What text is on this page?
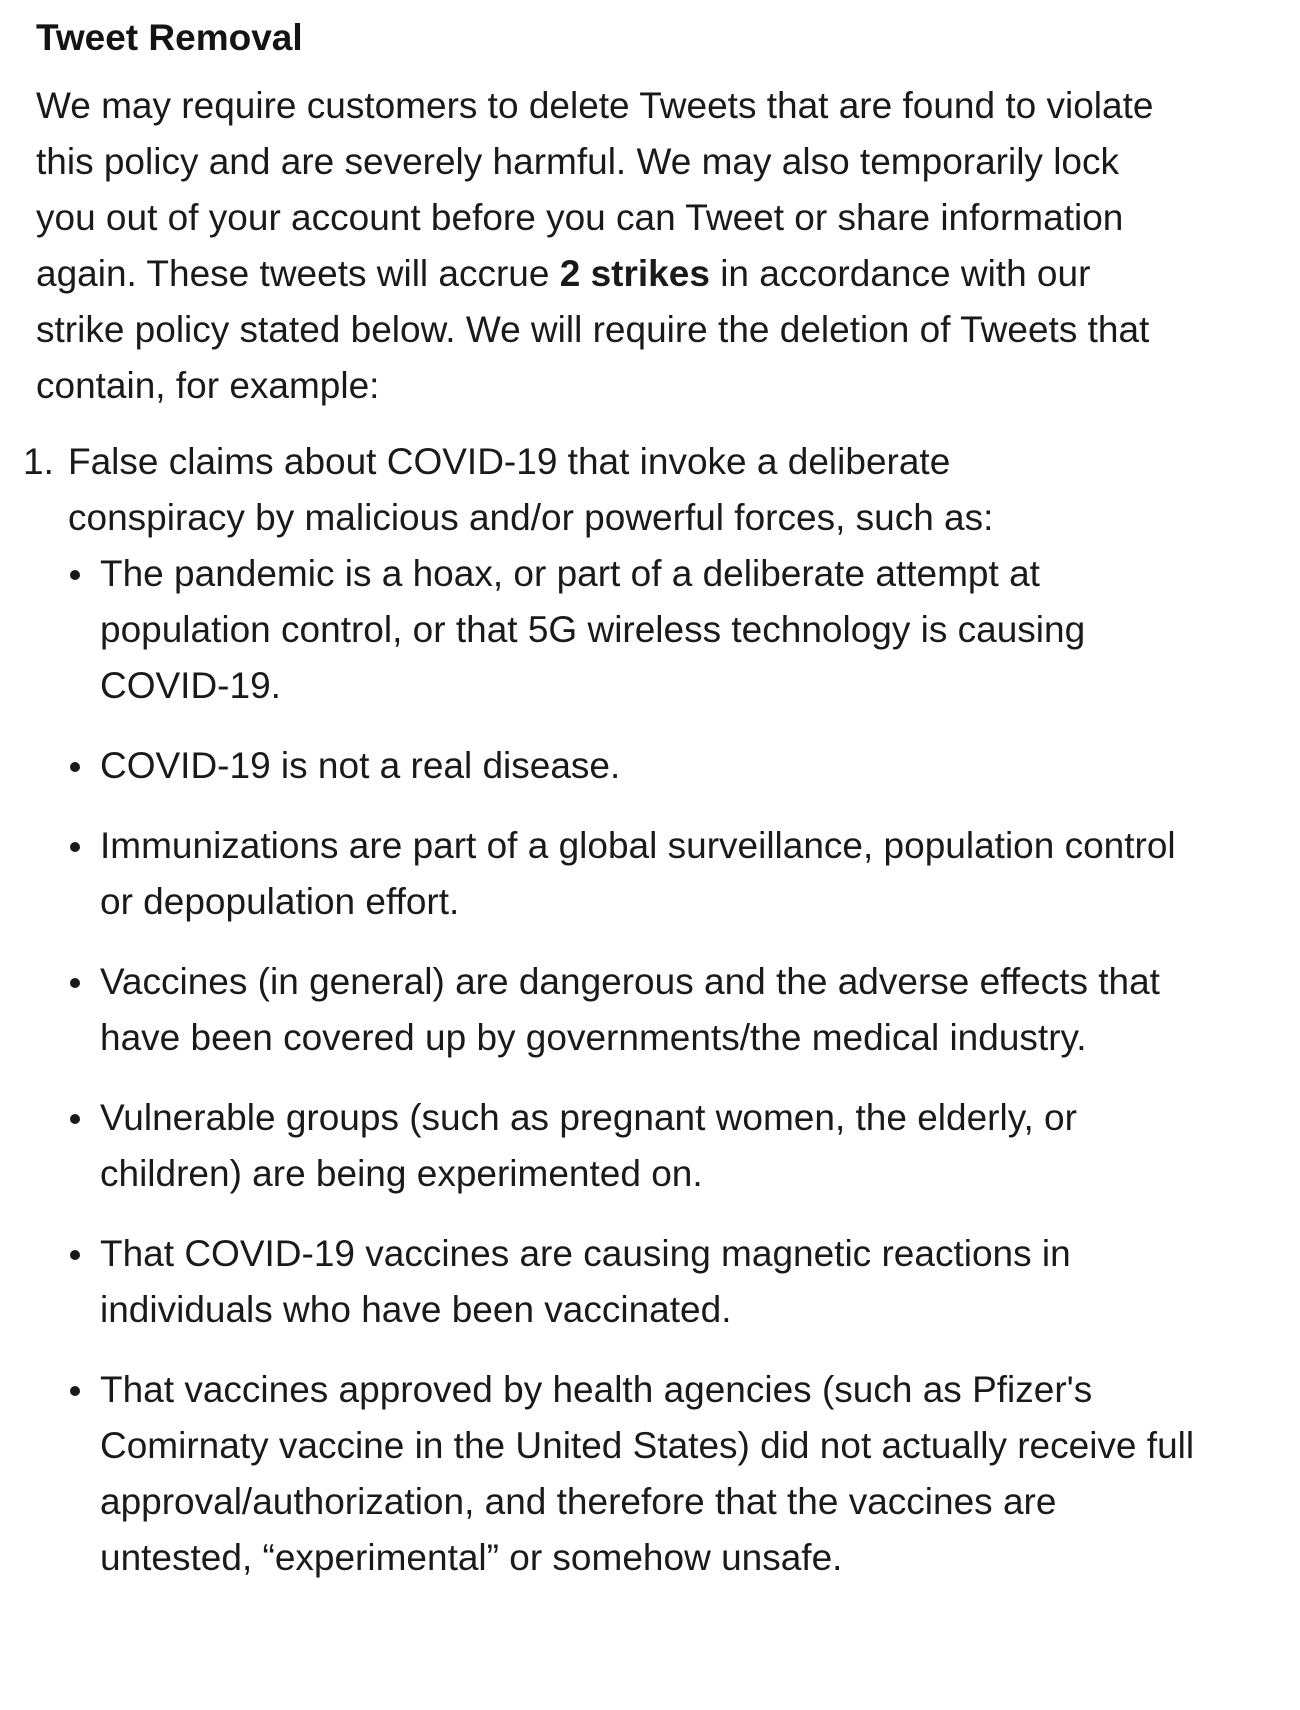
Tweet Removal

We may require customers to delete Tweets that are found to violate this policy and are severely harmful. We may also temporarily lock you out of your account before you can Tweet or share information again. These tweets will accrue 2 strikes in accordance with our strike policy stated below. We will require the deletion of Tweets that contain, for example:

1. False claims about COVID-19 that invoke a deliberate conspiracy by malicious and/or powerful forces, such as:
The pandemic is a hoax, or part of a deliberate attempt at population control, or that 5G wireless technology is causing COVID-19.
COVID-19 is not a real disease.
Immunizations are part of a global surveillance, population control or depopulation effort.
Vaccines (in general) are dangerous and the adverse effects that have been covered up by governments/the medical industry.
Vulnerable groups (such as pregnant women, the elderly, or children) are being experimented on.
That COVID-19 vaccines are causing magnetic reactions in individuals who have been vaccinated.
That vaccines approved by health agencies (such as Pfizer's Comirnaty vaccine in the United States) did not actually receive full approval/authorization, and therefore that the vaccines are untested, “experimental” or somehow unsafe.
